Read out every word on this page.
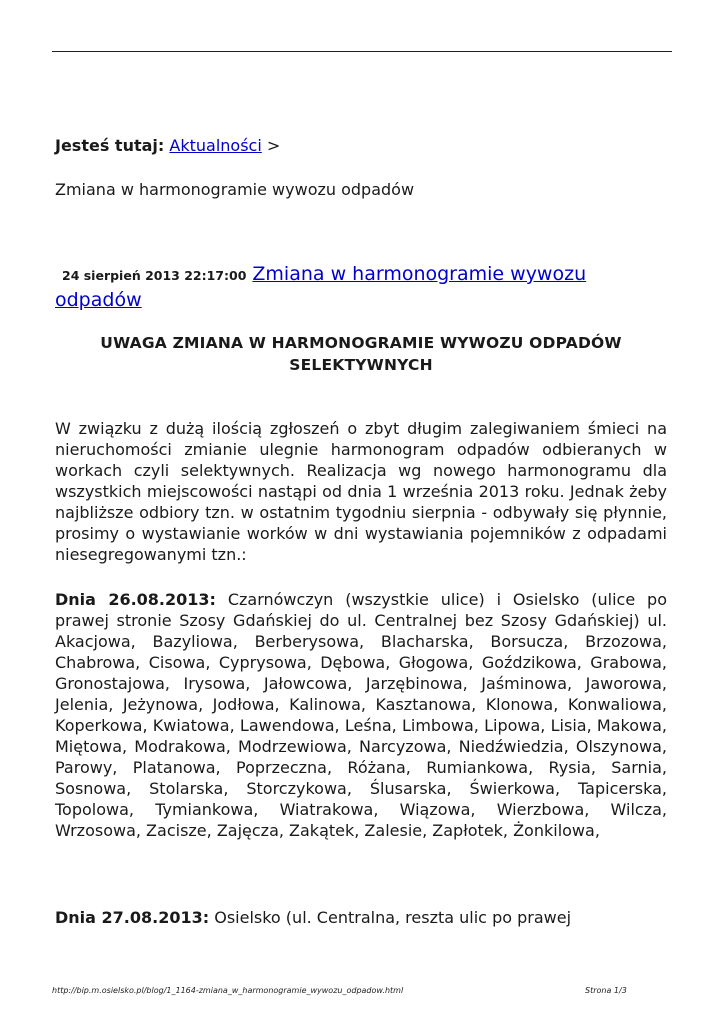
Jesteś tutaj: Aktualności >
Zmiana w harmonogramie wywozu odpadów
24 sierpień 2013 22:17:00 Zmiana w harmonogramie wywozu odpadów
UWAGA ZMIANA W HARMONOGRAMIE WYWOZU ODPADÓW SELEKTYWNYCH
W związku z dużą ilością zgłoszeń o zbyt długim zalegiwaniem śmieci na nieruchomości zmianie ulegnie harmonogram odpadów odbieranych w workach czyli selektywnych. Realizacja wg nowego harmonogramu dla wszystkich miejscowości nastąpi od dnia 1 września 2013 roku. Jednak żeby najbliższe odbiory tzn. w ostatnim tygodniu sierpnia - odbywały się płynnie, prosimy o wystawianie worków w dni wystawiania pojemników z odpadami niesegregowanymi tzn.:
Dnia 26.08.2013: Czarnówczyn (wszystkie ulice) i Osielsko (ulice po prawej stronie Szosy Gdańskiej do ul. Centralnej bez Szosy Gdańskiej) ul. Akacjowa, Bazyliowa, Berberysowa, Blacharska, Borsucza, Brzozowa, Chabrowa, Cisowa, Cyprysowa, Dębowa, Głogowa, Goździkowa, Grabowa, Gronostajowa, Irysowa, Jałowcowa, Jarzębinowa, Jaśminowa, Jaworowa, Jelenia, Jeżynowa, Jodłowa, Kalinowa, Kasztanowa, Klonowa, Konwaliowa, Koperkowa, Kwiatowa, Lawendowa, Leśna, Limbowa, Lipowa, Lisia, Makowa, Miętowa, Modrakowa, Modrzewiowa, Narcyzowa, Niedźwiedzia, Olszynowa, Parowy, Platanowa, Poprzeczna, Różana, Rumiankowa, Rysia, Sarnia, Sosnowa, Stolarska, Storczykowa, Ślusarska, Świerkowa, Tapicerska, Topolowa, Tymiankowa, Wiatrakowa, Wiązowa, Wierzbowa, Wilcza, Wrzosowa, Zacisze, Zajęcza, Zakątek, Zalesie, Zapłotek, Żonkilowa,
Dnia 27.08.2013: Osielsko (ul. Centralna, reszta ulic po prawej
http://bip.m.osielsko.pl/blog/1_1164-zmiana_w_harmonogramie_wywozu_odpadow.html	Strona 1/3
